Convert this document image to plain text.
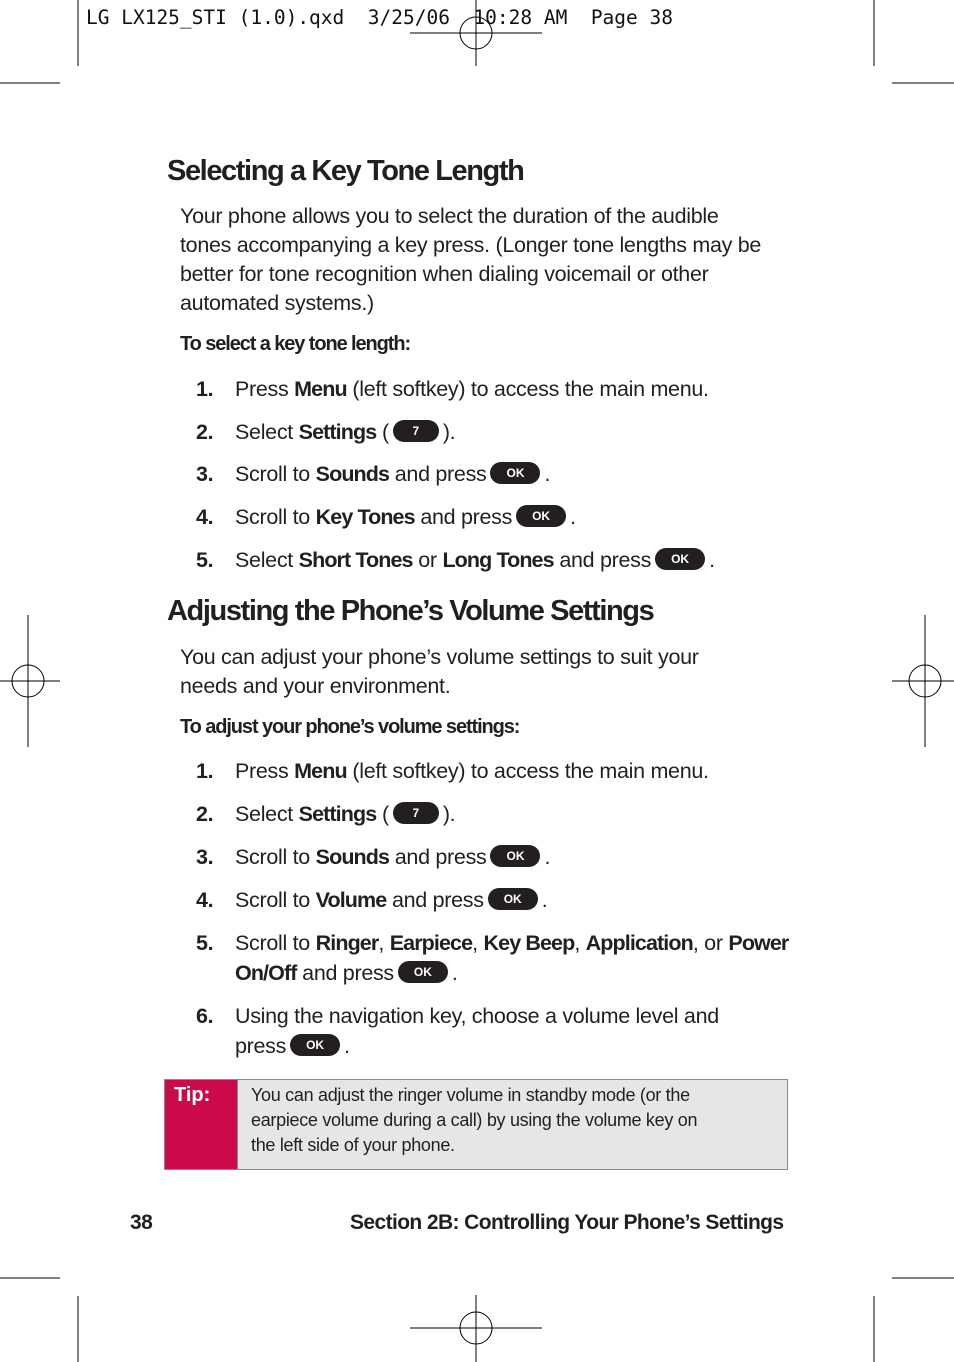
LG LX125_STI (1.0).qxd  3/25/06  10:28 AM  Page 38
Selecting a Key Tone Length
Your phone allows you to select the duration of the audible
tones accompanying a key press. (Longer tone lengths may be
better for tone recognition when dialing voicemail or other
automated systems.)
To select a key tone length:
1. Press Menu (left softkey) to access the main menu.
2. Select Settings ( 7 ).
3. Scroll to Sounds and press OK .
4. Scroll to Key Tones and press OK .
5. Select Short Tones or Long Tones and press OK .
Adjusting the Phone’s Volume Settings
You can adjust your phone’s volume settings to suit your
needs and your environment.
To adjust your phone’s volume settings:
1. Press Menu (left softkey) to access the main menu.
2. Select Settings ( 7 ).
3. Scroll to Sounds and press OK .
4. Scroll to Volume and press OK .
5. Scroll to Ringer, Earpiece, Key Beep, Application, or Power
On/Off and press OK .
6. Using the navigation key, choose a volume level and
press OK .
Tip: You can adjust the ringer volume in standby mode (or the
earpiece volume during a call) by using the volume key on
the left side of your phone.
38	Section 2B: Controlling Your Phone’s Settings
